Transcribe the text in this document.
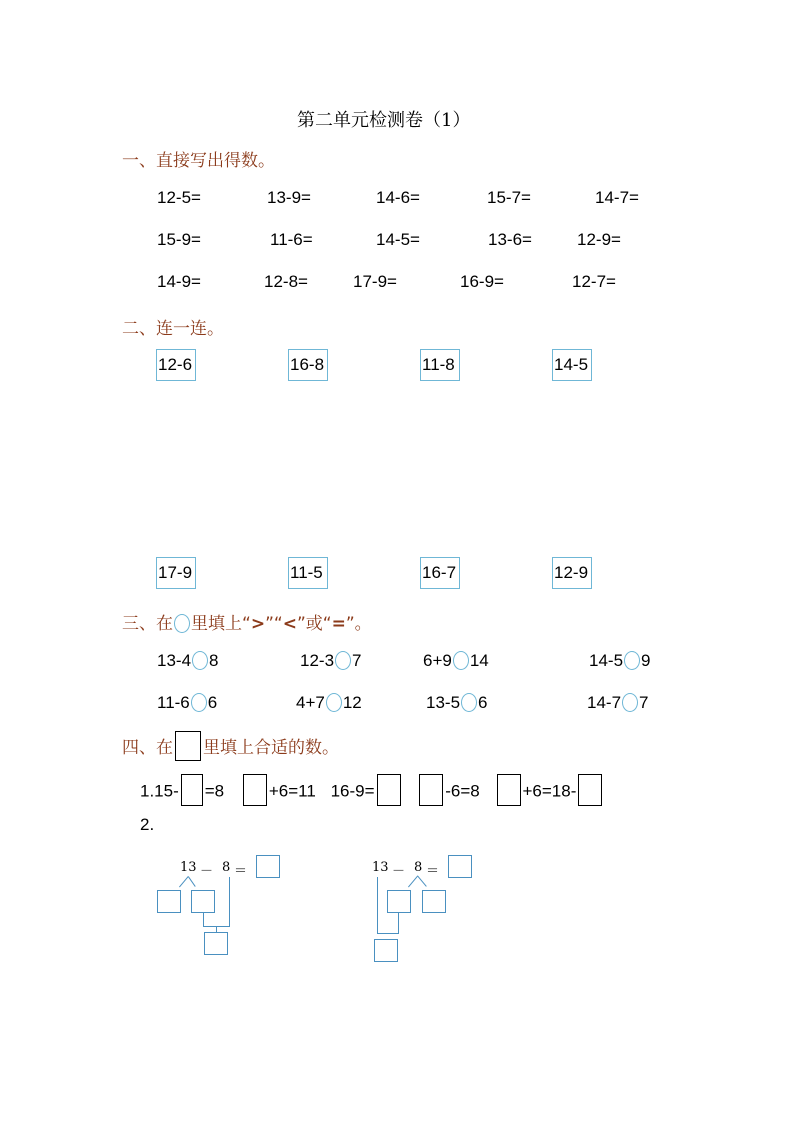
第二单元检测卷（1）
一、直接写出得数。
12-5=	13-9=	14-6=	15-7=	14-7=
15-9=	11-6=	14-5=	13-6=	12-9=
14-9=	12-8=	17-9=	16-9=	12-7=
二、连一连。
12-6	16-8	11-8	14-5
17-9	11-5	16-7	12-9
三、在 里填上“>”“<”或“=”。
13-4 8	12-3 7	6+9 14	14-5 9
11-6 6	4+7 12	13-5 6	14-7 7
四、在 里填上合适的数。
1.15- =8	+6=11 16-9=	-6=8	+6=18-
2.
13 － 8 ＝	13 － 8 ＝
